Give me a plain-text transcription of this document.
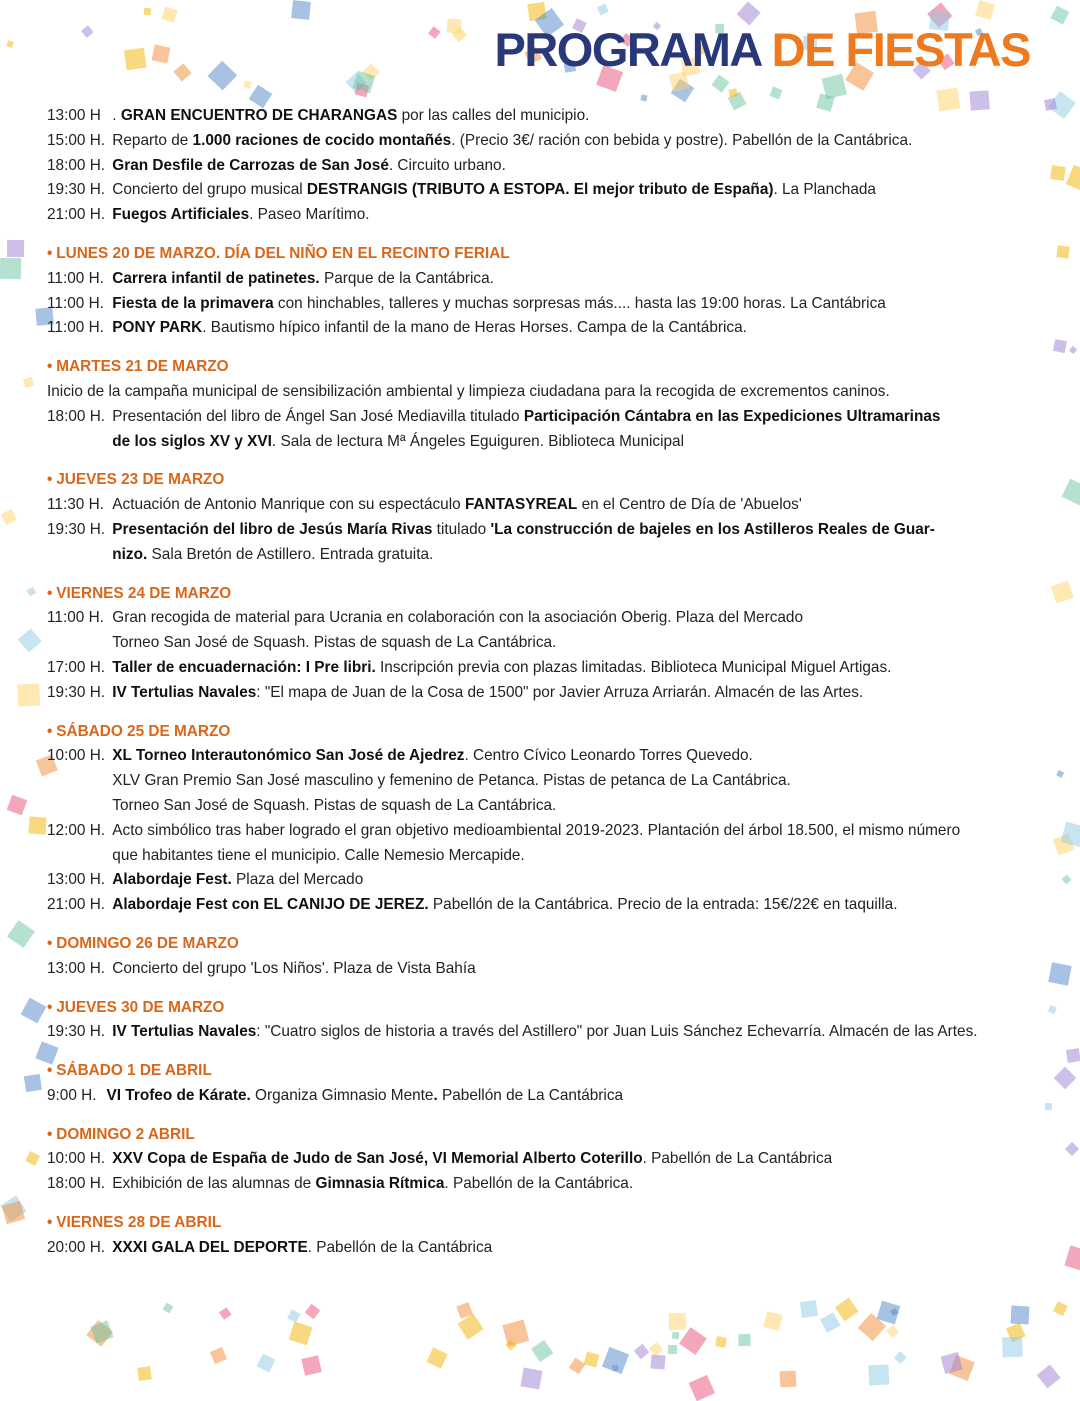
PROGRAMA DE FIESTAS
13:00 H . GRAN ENCUENTRO DE CHARANGAS por las calles del municipio.
15:00 H. Reparto de 1.000 raciones de cocido montañés. (Precio 3€/ ración con bebida y postre). Pabellón de la Cantábrica.
18:00 H. Gran Desfile de Carrozas de San José. Circuito urbano.
19:30 H. Concierto del grupo musical DESTRANGIS (TRIBUTO A ESTOPA. El mejor tributo de España). La Planchada
21:00 H. Fuegos Artificiales. Paseo Marítimo.
• LUNES 20 DE MARZO. DÍA DEL NIÑO EN EL RECINTO FERIAL
11:00 H. Carrera infantil de patinetes. Parque de la Cantábrica.
11:00 H. Fiesta de la primavera con hinchables, talleres y muchas sorpresas más.... hasta las 19:00 horas. La Cantábrica
11:00 H. PONY PARK. Bautismo hípico infantil de la mano de Heras Horses. Campa de la Cantábrica.
• MARTES 21 DE MARZO
Inicio de la campaña municipal de sensibilización ambiental y limpieza ciudadana para la recogida de excrementos caninos.
18:00 H. Presentación del libro de Ángel San José Mediavilla titulado Participación Cántabra en las Expediciones Ultramarinas
de los siglos XV y XVI. Sala de lectura Mª Ángeles Eguiguren. Biblioteca Municipal
• JUEVES 23 DE MARZO
11:30 H. Actuación de Antonio Manrique con su espectáculo FANTASYREAL en el Centro de Día de 'Abuelos'
19:30 H. Presentación del libro de Jesús María Rivas titulado 'La construcción de bajeles en los Astilleros Reales de Guar-
nizo. Sala Bretón de Astillero. Entrada gratuita.
• VIERNES 24 DE MARZO
11:00 H. Gran recogida de material para Ucrania en colaboración con la asociación Oberig. Plaza del Mercado
Torneo San José de Squash. Pistas de squash de La Cantábrica.
17:00 H. Taller de encuadernación: I Pre libri. Inscripción previa con plazas limitadas. Biblioteca Municipal Miguel Artigas.
19:30 H. IV Tertulias Navales: "El mapa de Juan de la Cosa de 1500" por Javier Arruza Arriarán. Almacén de las Artes.
• SÁBADO 25 DE MARZO
10:00 H. XL Torneo Interautonómico San José de Ajedrez. Centro Cívico Leonardo Torres Quevedo.
XLV Gran Premio San José masculino y femenino de Petanca. Pistas de petanca de La Cantábrica.
Torneo San José de Squash. Pistas de squash de La Cantábrica.
12:00 H. Acto simbólico tras haber logrado el gran objetivo medioambiental 2019-2023. Plantación del árbol 18.500, el mismo número
que habitantes tiene el municipio. Calle Nemesio Mercapide.
13:00 H. Alabordaje Fest. Plaza del Mercado
21:00 H. Alabordaje Fest con EL CANIJO DE JEREZ. Pabellón de la Cantábrica. Precio de la entrada: 15€/22€ en taquilla.
• DOMINGO 26 DE MARZO
13:00 H. Concierto del grupo 'Los Niños'. Plaza de Vista Bahía
• JUEVES 30 DE MARZO
19:30 H. IV Tertulias Navales: "Cuatro siglos de historia a través del Astillero" por Juan Luis Sánchez Echevarría. Almacén de las Artes.
• SÁBADO 1 DE ABRIL
9:00 H. VI Trofeo de Kárate. Organiza Gimnasio Mente. Pabellón de La Cantábrica
• DOMINGO 2 ABRIL
10:00 H. XXV Copa de España de Judo de San José, VI Memorial Alberto Coterillo. Pabellón de La Cantábrica
18:00 H. Exhibición de las alumnas de Gimnasia Rítmica. Pabellón de la Cantábrica.
• VIERNES 28 DE ABRIL
20:00 H. XXXI GALA DEL DEPORTE. Pabellón de la Cantábrica
